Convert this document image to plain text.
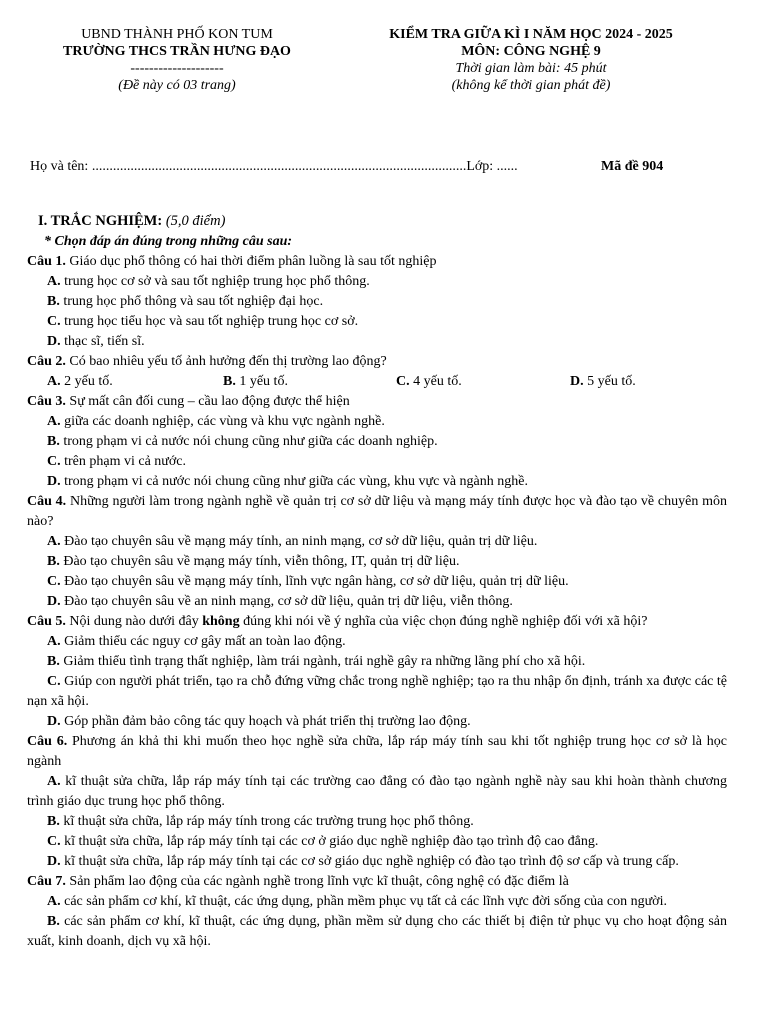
UBND THÀNH PHỐ KON TUM
TRƯỜNG THCS TRẦN HƯNG ĐẠO
--------------------
(Đề này có 03 trang)
KIỂM TRA GIỮA KÌ I NĂM HỌC 2024 - 2025
MÔN: CÔNG NGHỆ 9
Thời gian làm bài: 45 phút
(không kể thời gian phát đề)
Họ và tên: ...........................................................................................................Lớp: ......	Mã đề 904
I. TRẮC NGHIỆM: (5,0 điểm)
* Chọn đáp án đúng trong những câu sau:
Câu 1. Giáo dục phổ thông có hai thời điểm phân luồng là sau tốt nghiệp
A. trung học cơ sở và sau tốt nghiệp trung học phổ thông.
B. trung học phổ thông và sau tốt nghiệp đại học.
C. trung học tiểu học và sau tốt nghiệp trung học cơ sở.
D. thạc sĩ, tiến sĩ.
Câu 2. Có bao nhiêu yếu tố ảnh hưởng đến thị trường lao động?
A. 2 yếu tố.	B. 1 yếu tố.	C. 4 yếu tố.	D. 5 yếu tố.
Câu 3. Sự mất cân đối cung – cầu lao động được thể hiện
A. giữa các doanh nghiệp, các vùng và khu vực ngành nghề.
B. trong phạm vi cả nước nói chung cũng như giữa các doanh nghiệp.
C. trên phạm vi cả nước.
D. trong phạm vi cả nước nói chung cũng như giữa các vùng, khu vực và ngành nghề.
Câu 4. Những người làm trong ngành nghề về quản trị cơ sở dữ liệu và mạng máy tính được học và đào tạo về chuyên môn nào?
A. Đào tạo chuyên sâu về mạng máy tính, an ninh mạng, cơ sở dữ liệu, quản trị dữ liệu.
B. Đào tạo chuyên sâu về mạng máy tính, viễn thông, IT, quản trị dữ liệu.
C. Đào tạo chuyên sâu về mạng máy tính, lĩnh vực ngân hàng, cơ sở dữ liệu, quản trị dữ liệu.
D. Đào tạo chuyên sâu về an ninh mạng, cơ sở dữ liệu, quản trị dữ liệu, viễn thông.
Câu 5. Nội dung nào dưới đây không đúng khi nói về ý nghĩa của việc chọn đúng nghề nghiệp đối với xã hội?
A. Giảm thiểu các nguy cơ gây mất an toàn lao động.
B. Giảm thiểu tình trạng thất nghiệp, làm trái ngành, trái nghề gây ra những lãng phí cho xã hội.
C. Giúp con người phát triển, tạo ra chỗ đứng vững chắc trong nghề nghiệp; tạo ra thu nhập ổn định, tránh xa được các tệ nạn xã hội.
D. Góp phần đảm bảo công tác quy hoạch và phát triển thị trường lao động.
Câu 6. Phương án khả thi khi muốn theo học nghề sửa chữa, lắp ráp máy tính sau khi tốt nghiệp trung học cơ sở là học ngành
A. kĩ thuật sửa chữa, lắp ráp máy tính tại các trường cao đẳng có đào tạo ngành nghề này sau khi hoàn thành chương trình giáo dục trung học phổ thông.
B. kĩ thuật sửa chữa, lắp ráp máy tính trong các trường trung học phổ thông.
C. kĩ thuật sửa chữa, lắp ráp máy tính tại các cơ ở giáo dục nghề nghiệp đào tạo trình độ cao đẳng.
D. kĩ thuật sửa chữa, lắp ráp máy tính tại các cơ sở giáo dục nghề nghiệp có đào tạo trình độ sơ cấp và trung cấp.
Câu 7. Sản phẩm lao động của các ngành nghề trong lĩnh vực kĩ thuật, công nghệ có đặc điểm là
A. các sản phẩm cơ khí, kĩ thuật, các ứng dụng, phần mềm phục vụ tất cả các lĩnh vực đời sống của con người.
B. các sản phẩm cơ khí, kĩ thuật, các ứng dụng, phần mềm sử dụng cho các thiết bị điện tử phục vụ cho hoạt động sản xuất, kinh doanh, dịch vụ xã hội.
